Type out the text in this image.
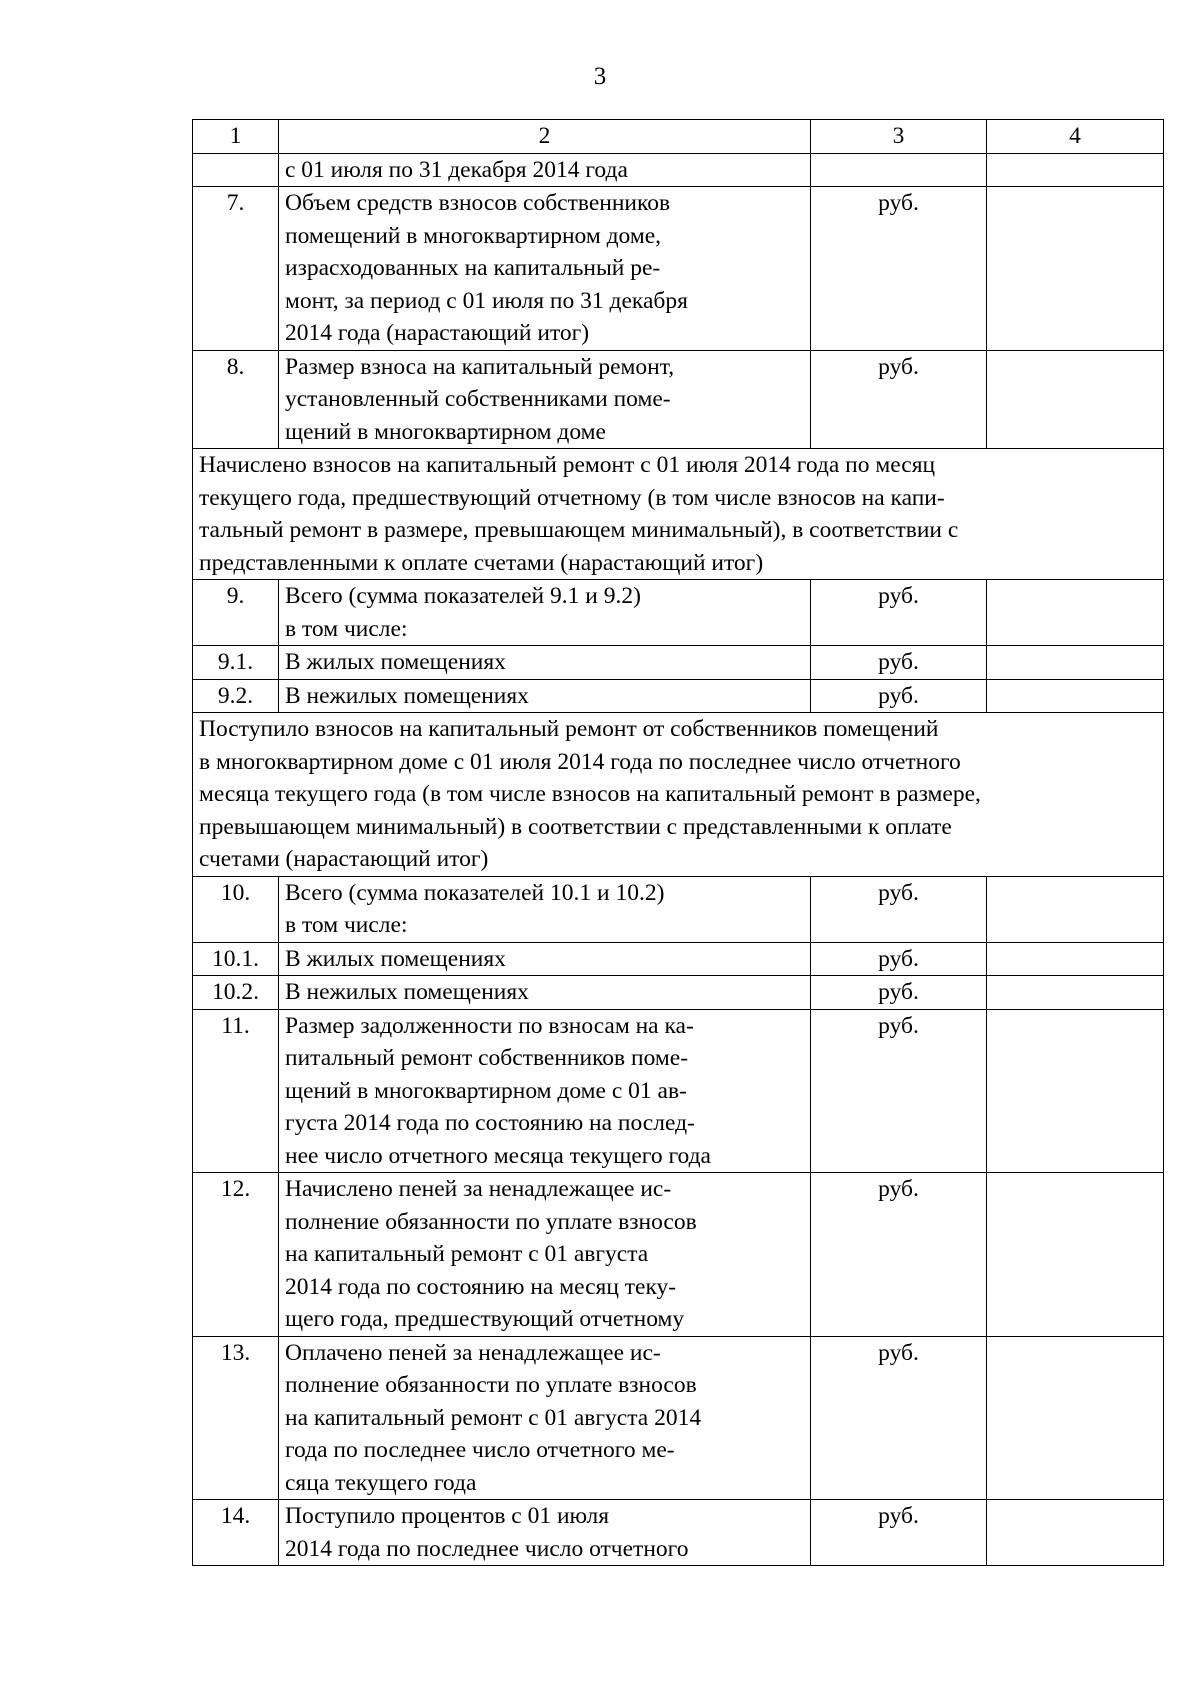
3
1	2	3	4

	с 01 июля по 31 декабря 2014 года		

7.	Объем средств взносов собственников
помещений в многоквартирном доме,
израсходованных на капитальный ре-
монт, за период с 01 июля по 31 декабря
2014 года (нарастающий итог)	руб.	
8.	Размер взноса на капитальный ремонт,
установленный собственниками поме-
щений в многоквартирном доме	руб.	

Начислено взносов на капитальный ремонт с 01 июля 2014 года по месяц
текущего года, предшествующий отчетному (в том числе взносов на капи-
тальный ремонт в размере, превышающем минимальный), в соответствии с
представленными к оплате счетами (нарастающий итог)			

9.	Всего (сумма показателей 9.1 и 9.2)
в том числе:	руб.	
9.1.	В жилых помещениях	руб.	
9.2.	В нежилых помещениях	руб.	

Поступило взносов на капитальный ремонт от собственников помещений
в многоквартирном доме с 01 июля 2014 года по последнее число отчетного
месяца текущего года (в том числе взносов на капитальный ремонт в размере,
превышающем минимальный) в соответствии с представленными к оплате
счетами (нарастающий итог)			

10.	Всего (сумма показателей 10.1 и 10.2)
в том числе:	руб.	
10.1.	В жилых помещениях	руб.	
10.2.	В нежилых помещениях	руб.	
11.	Размер задолженности по взносам на ка-
питальный ремонт собственников поме-
щений в многоквартирном доме с 01 ав-
густа 2014 года по состоянию на послед-
нее число отчетного месяца текущего года	руб.	
12.	Начислено пеней за ненадлежащее ис-
полнение обязанности по уплате взносов
на капитальный ремонт с 01 августа
2014 года по состоянию на месяц теку-
щего года, предшествующий отчетному	руб.	
13.	Оплачено пеней за ненадлежащее ис-
полнение обязанности по уплате взносов
на капитальный ремонт с 01 августа 2014
года по последнее число отчетного ме-
сяца текущего года	руб.	
14.	Поступило процентов с 01 июля
2014 года по последнее число отчетного	руб.	
